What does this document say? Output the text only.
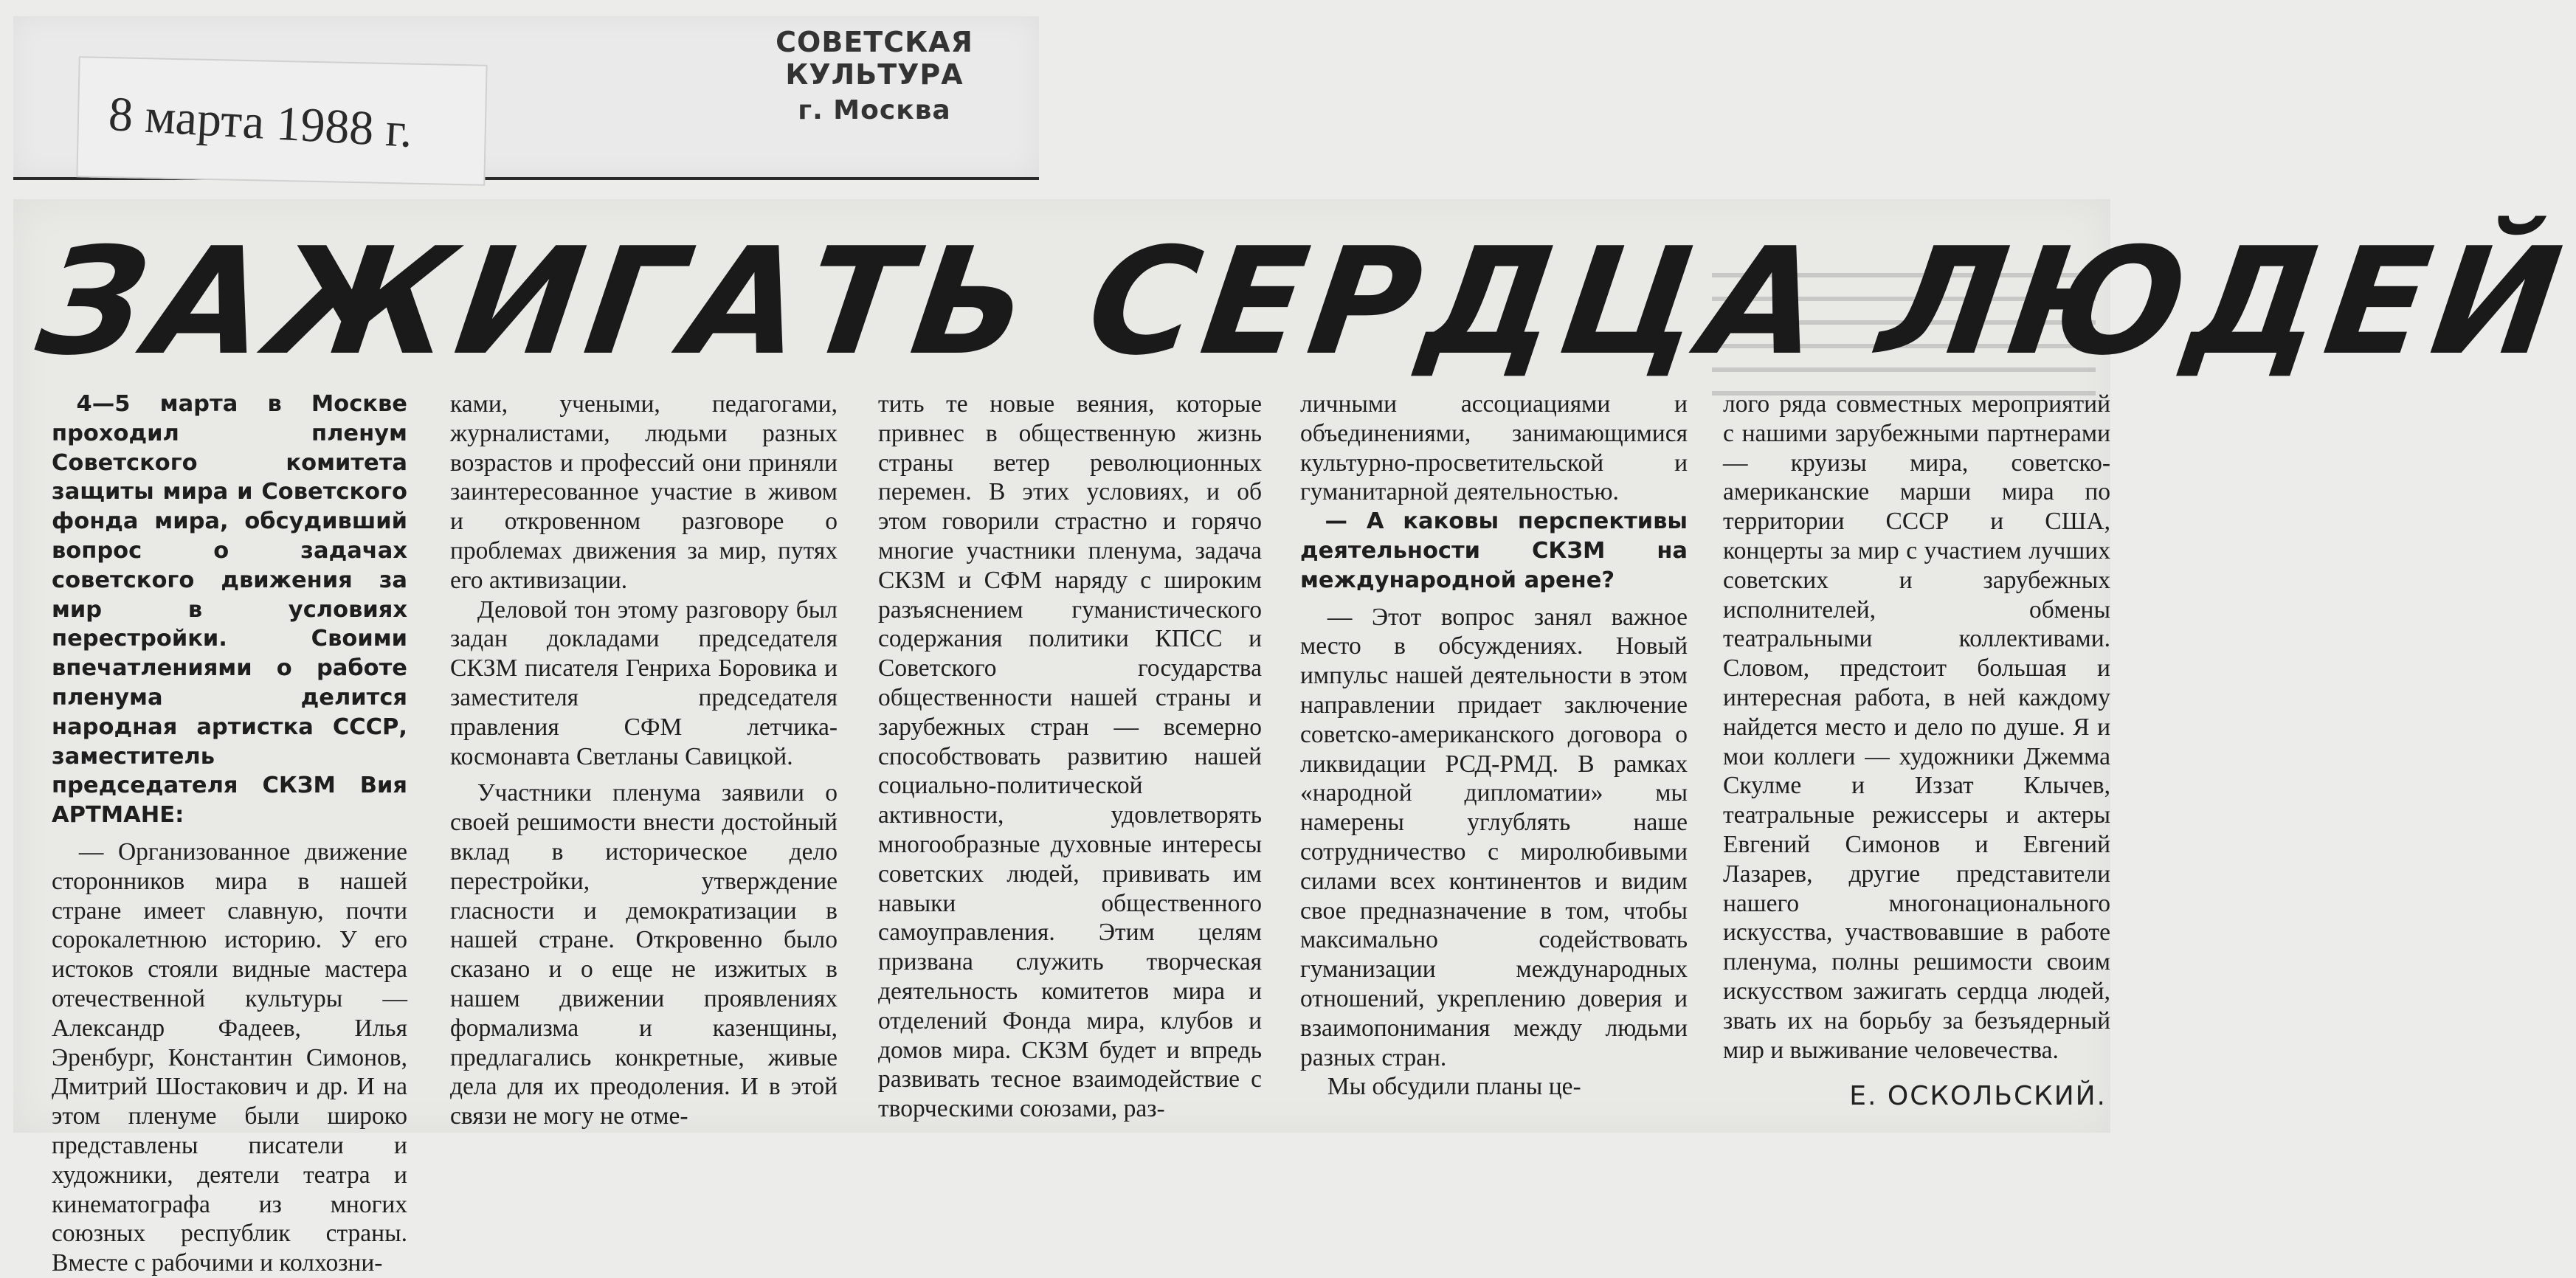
8 марта 1988 г.
СОВЕТСКАЯ КУЛЬТУРА
г. Москва
ЗАЖИГАТЬ СЕРДЦА ЛЮДЕЙ

4—5 марта в Москве проходил пленум Советского комитета защиты мира и Советского фонда мира, обсудивший вопрос о задачах советского движения за мир в условиях перестройки. Своими впечатлениями о работе пленума делится народная артистка СССР, заместитель председателя СКЗМ Вия АРТМАНЕ:

— Организованное движение сторонников мира в нашей стране имеет славную, почти сорокалетнюю историю. У его истоков стояли видные мастера отечественной культуры — Александр Фадеев, Илья Эренбург, Константин Симонов, Дмитрий Шостакович и др. И на этом пленуме были широко представлены писатели и художники, деятели театра и кинематографа из многих союзных республик страны. Вместе с рабочими и колхозни-

ками, учеными, педагогами, журналистами, людьми разных возрастов и профессий они приняли заинтересованное участие в живом и откровенном разговоре о проблемах движения за мир, путях его активизации.

Деловой тон этому разговору был задан докладами председателя СКЗМ писателя Генриха Боровика и заместителя председателя правления СФМ летчика-космонавта Светланы Савицкой.

Участники пленума заявили о своей решимости внести достойный вклад в историческое дело перестройки, утверждение гласности и демократизации в нашей стране. Откровенно было сказано и о еще не изжитых в нашем движении проявлениях формализма и казенщины, предлагались конкретные, живые дела для их преодоления. И в этой связи не могу не отме-

тить те новые веяния, которые привнес в общественную жизнь страны ветер революционных перемен. В этих условиях, и об этом говорили страстно и горячо многие участники пленума, задача СКЗМ и СФМ наряду с широким разъяснением гуманистического содержания политики КПСС и Советского государства общественности нашей страны и зарубежных стран — всемерно способствовать развитию нашей социально-политической активности, удовлетворять многообразные духовные интересы советских людей, прививать им навыки общественного самоуправления. Этим целям призвана служить творческая деятельность комитетов мира и отделений Фонда мира, клубов и домов мира. СКЗМ будет и впредь развивать тесное взаимодействие с творческими союзами, раз-

личными ассоциациями и объединениями, занимающимися культурно-просветительской и гуманитарной деятельностью.

— А каковы перспективы деятельности СКЗМ на международной арене?

— Этот вопрос занял важное место в обсуждениях. Новый импульс нашей деятельности в этом направлении придает заключение советско-американского договора о ликвидации РСД-РМД. В рамках «народной дипломатии» мы намерены углублять наше сотрудничество с миролюбивыми силами всех континентов и видим свое предназначение в том, чтобы максимально содействовать гуманизации международных отношений, укреплению доверия и взаимопонимания между людьми разных стран.

Мы обсудили планы це-

лого ряда совместных мероприятий с нашими зарубежными партнерами — круизы мира, советско-американские марши мира по территории СССР и США, концерты за мир с участием лучших советских и зарубежных исполнителей, обмены театральными коллективами. Словом, предстоит большая и интересная работа, в ней каждому найдется место и дело по душе. Я и мои коллеги — художники Джемма Скулме и Иззат Клычев, театральные режиссеры и актеры Евгений Симонов и Евгений Лазарев, другие представители нашего многонационального искусства, участвовавшие в работе пленума, полны решимости своим искусством зажигать сердца людей, звать их на борьбу за безъядерный мир и выживание человечества.

Е. ОСКОЛЬСКИЙ.
